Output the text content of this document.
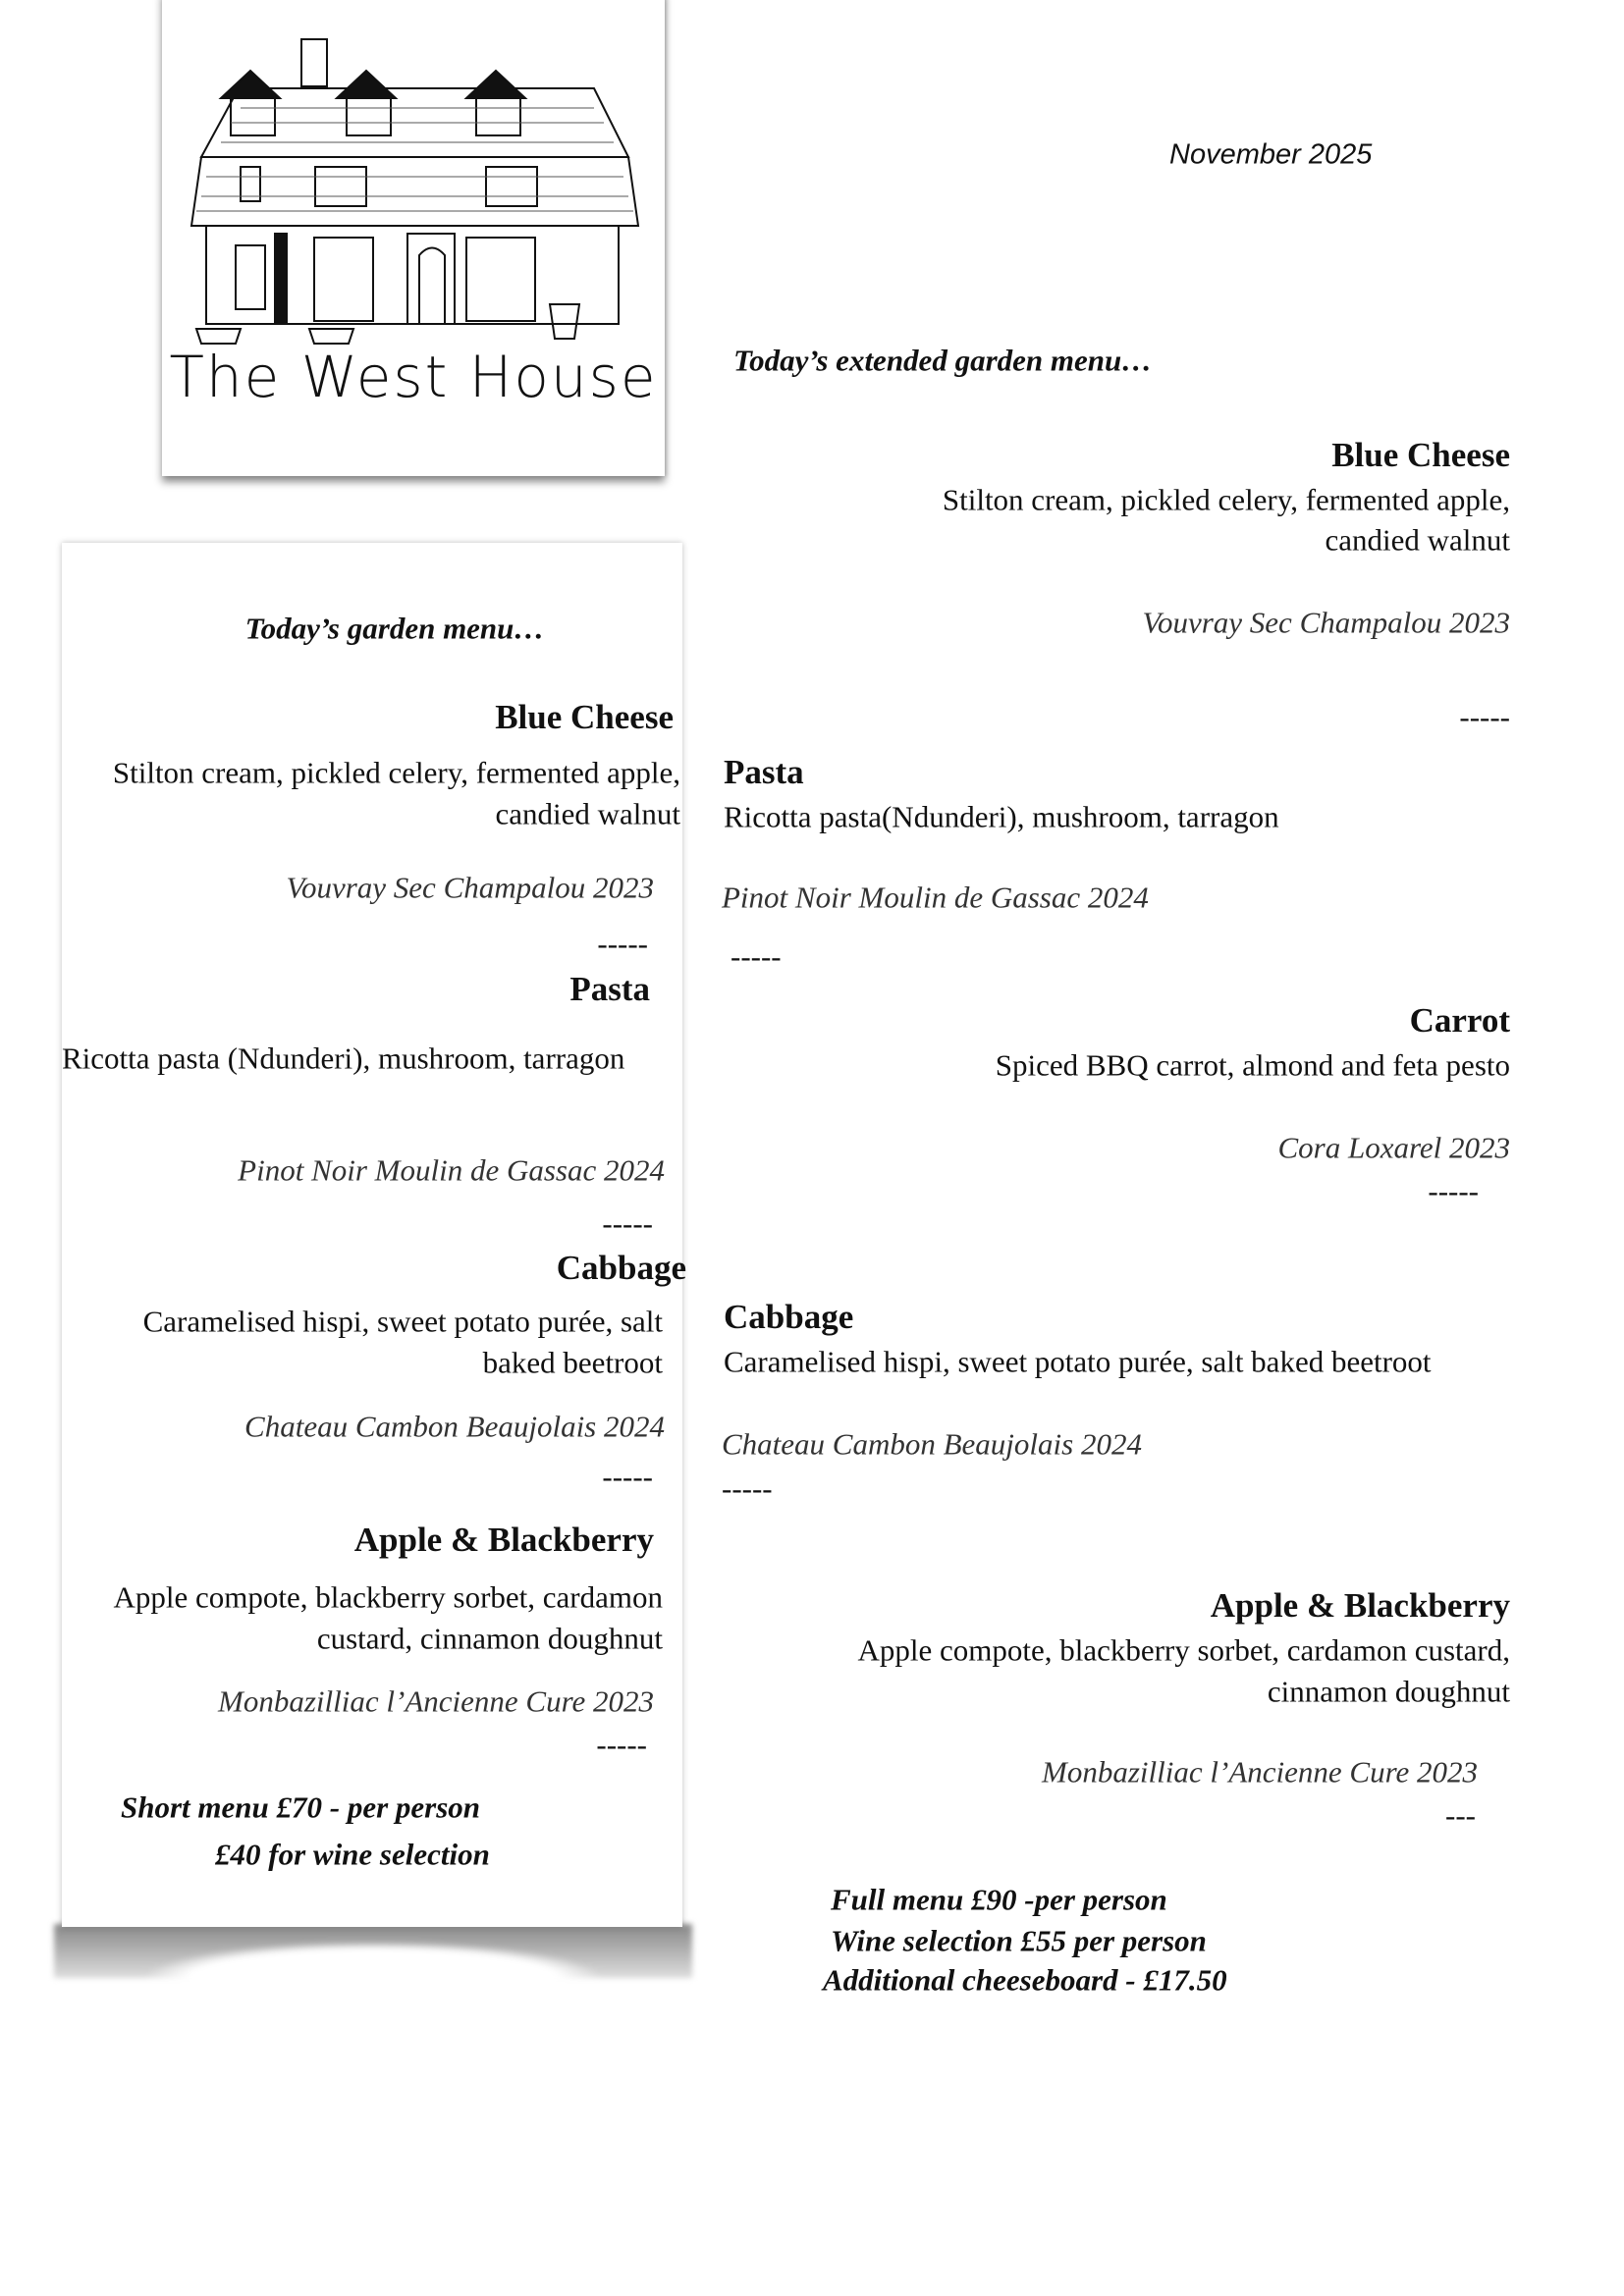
The West House
November 2025
Today’s garden menu…
Blue Cheese
Stilton cream, pickled celery, fermented apple,
candied walnut
Vouvray Sec Champalou 2023
-----
Pasta
Ricotta pasta (Ndunderi), mushroom, tarragon
Pinot Noir Moulin de Gassac 2024
-----
Cabbage
Caramelised hispi, sweet potato purée, salt
baked beetroot
Chateau Cambon Beaujolais 2024
-----
Apple & Blackberry
Apple compote, blackberry sorbet, cardamon
custard, cinnamon doughnut
Monbazilliac l’Ancienne Cure 2023
-----
Short menu £70 - per person
£40 for wine selection
Today’s extended garden menu…
Blue Cheese
Stilton cream, pickled celery, fermented apple,
candied walnut
Vouvray Sec Champalou 2023
-----
Pasta
Ricotta pasta(Ndunderi), mushroom, tarragon
Pinot Noir Moulin de Gassac 2024
-----
Carrot
Spiced BBQ carrot, almond and feta pesto
Cora Loxarel 2023
-----
Cabbage
Caramelised hispi, sweet potato purée, salt baked beetroot
Chateau Cambon Beaujolais 2024
-----
Apple & Blackberry
Apple compote, blackberry sorbet, cardamon custard,
cinnamon doughnut
Monbazilliac l’Ancienne Cure 2023
---
Full menu £90 -per person
Wine selection £55 per person
Additional cheeseboard - £17.50
